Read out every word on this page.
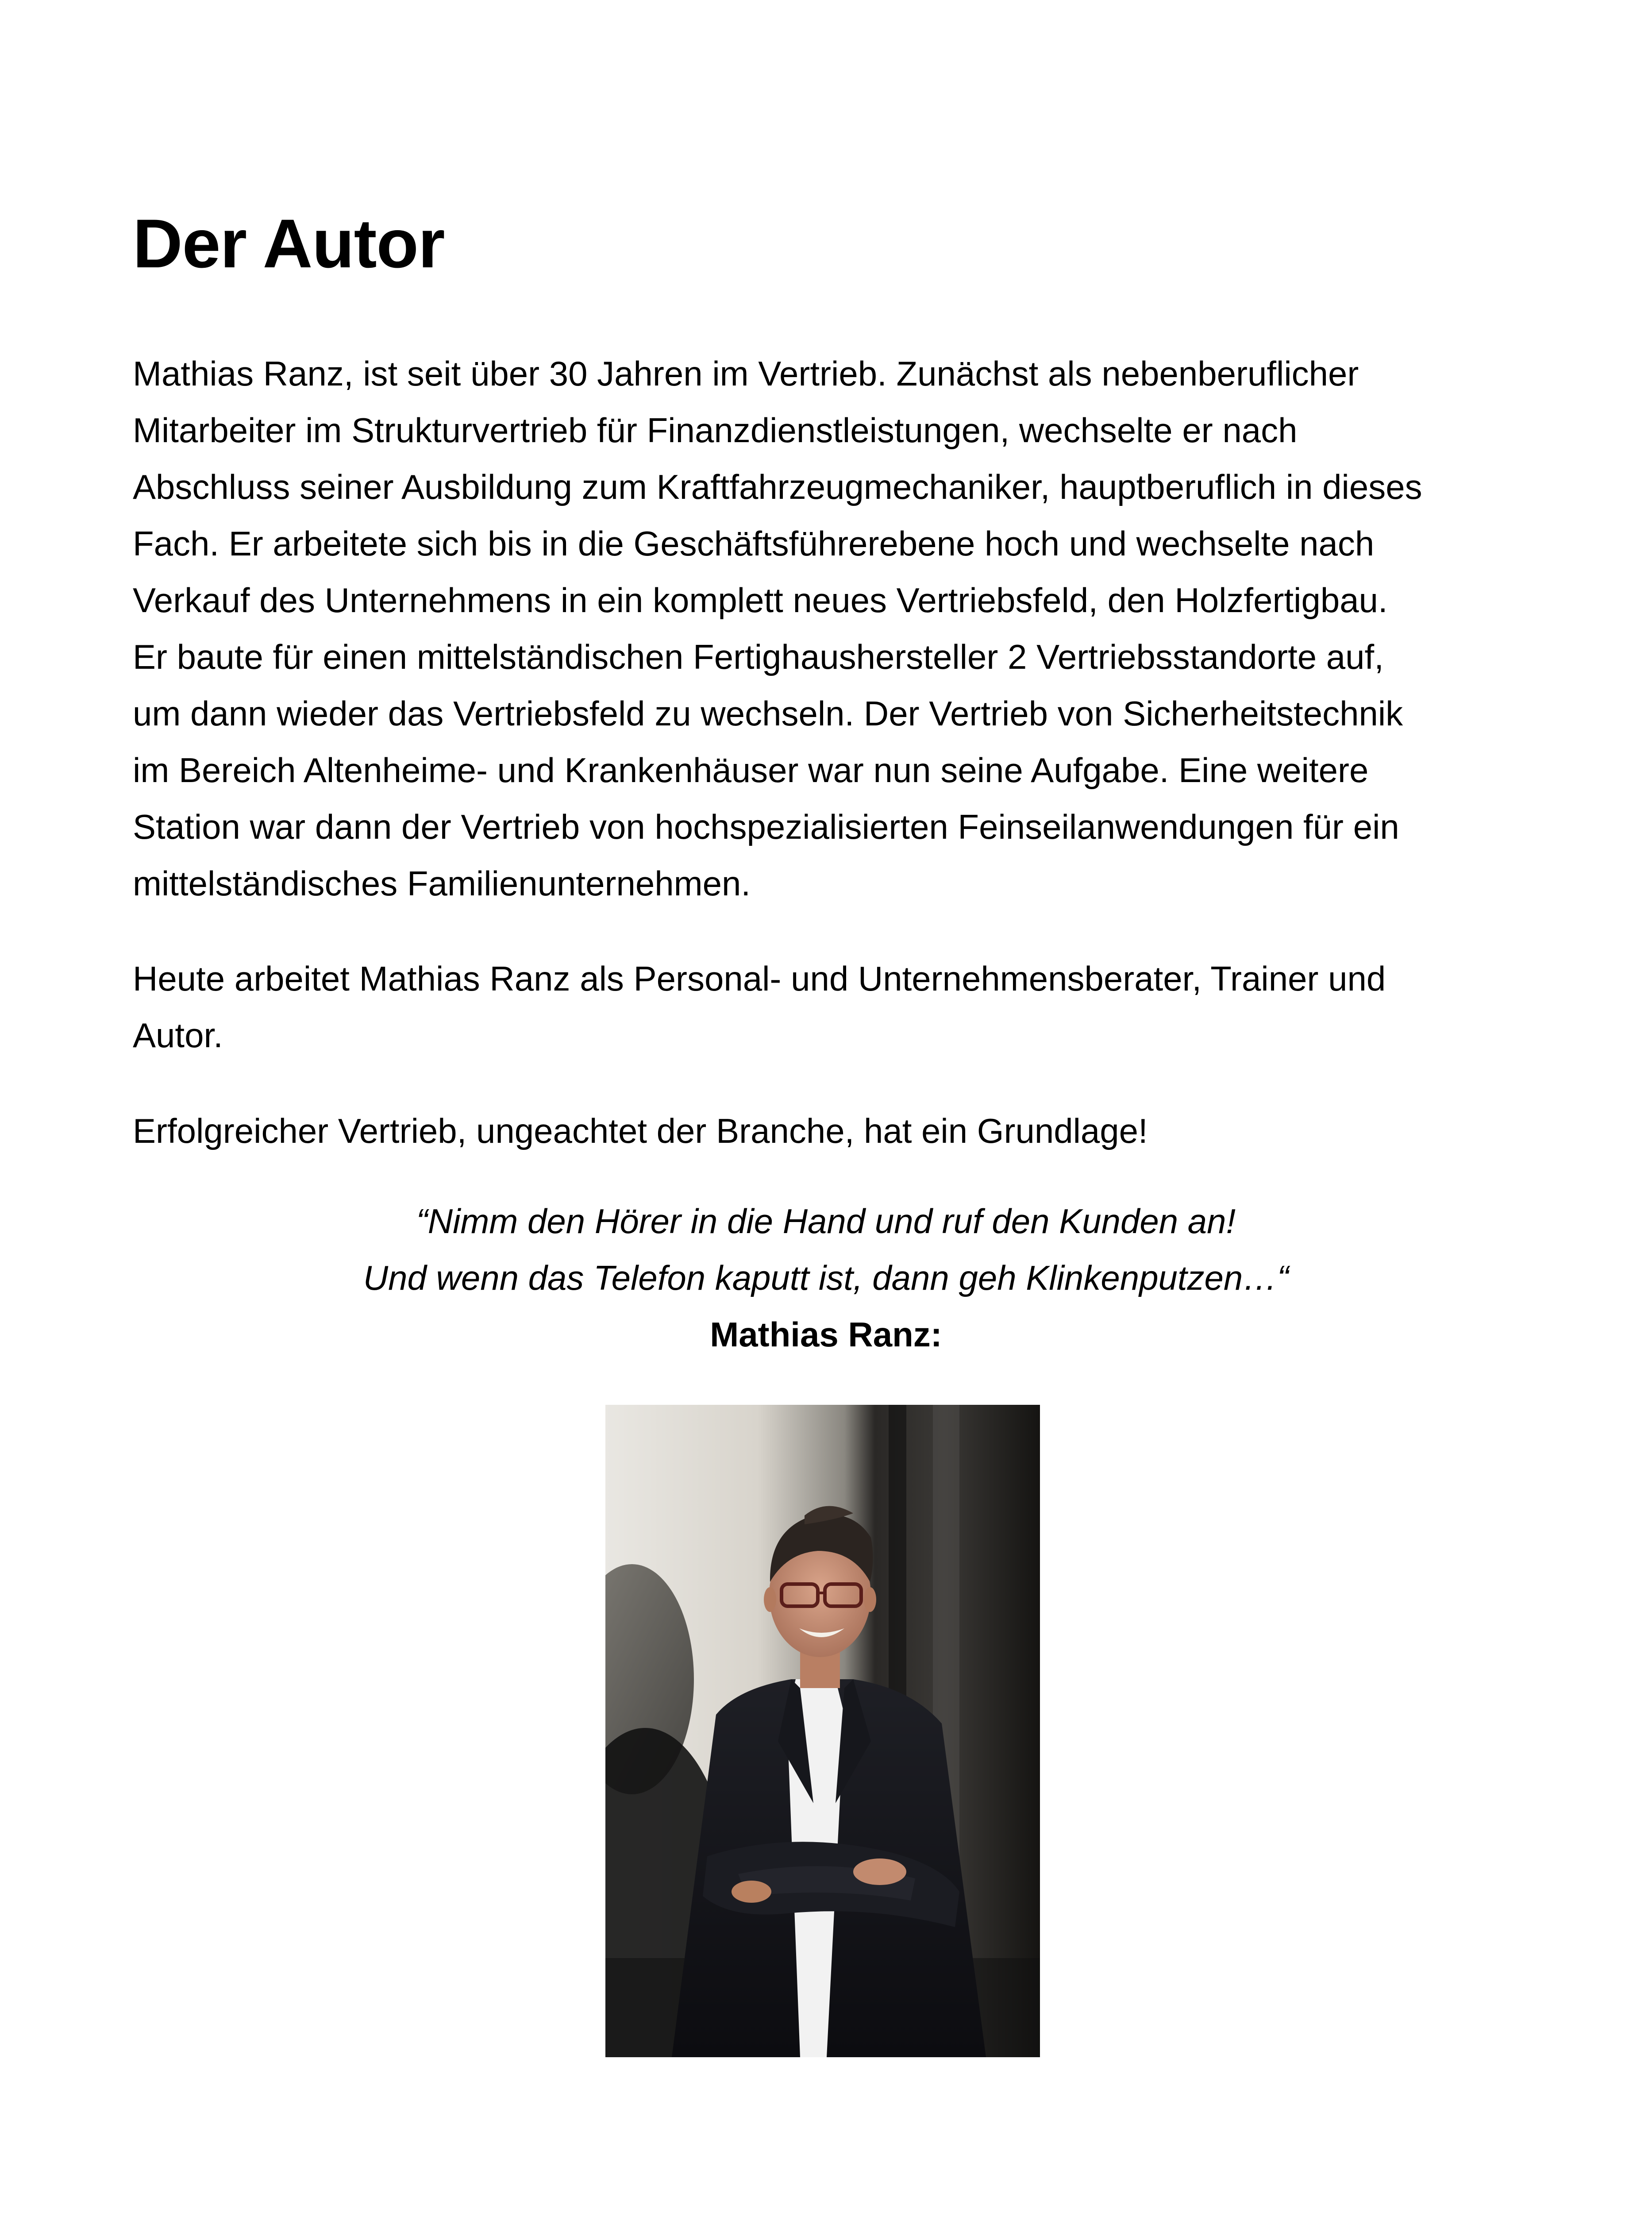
Der Autor

Mathias Ranz, ist seit über 30 Jahren im Vertrieb. Zunächst als nebenberuflicher
Mitarbeiter im Strukturvertrieb für Finanzdienstleistungen, wechselte er nach
Abschluss seiner Ausbildung zum Kraftfahrzeugmechaniker, hauptberuflich in dieses
Fach. Er arbeitete sich bis in die Geschäftsführerebene hoch und wechselte nach
Verkauf des Unternehmens in ein komplett neues Vertriebsfeld, den Holzfertigbau.
Er baute für einen mittelständischen Fertighaushersteller 2 Vertriebsstandorte auf,
um dann wieder das Vertriebsfeld zu wechseln. Der Vertrieb von Sicherheitstechnik
im Bereich Altenheime- und Krankenhäuser war nun seine Aufgabe. Eine weitere
Station war dann der Vertrieb von hochspezialisierten Feinseilanwendungen für ein
mittelständisches Familienunternehmen.

Heute arbeitet Mathias Ranz als Personal- und Unternehmensberater, Trainer und
Autor.

Erfolgreicher Vertrieb, ungeachtet der Branche, hat ein Grundlage!

“Nimm den Hörer in die Hand und ruf den Kunden an!
Und wenn das Telefon kaputt ist, dann geh Klinkenputzen…“
Mathias Ranz:
